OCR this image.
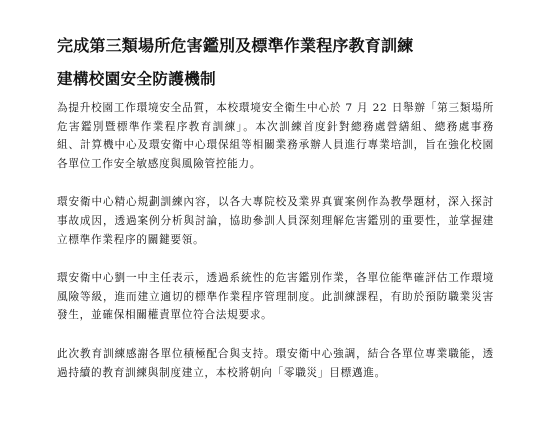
完成第三類場所危害鑑別及標準作業程序教育訓練
建構校園安全防護機制

為提升校園工作環境安全品質，本校環境安全衛生中心於 7 月 22 日舉辦「第三類場所危害鑑別暨標準作業程序教育訓練」。本次訓練首度針對總務處營繕組、總務處事務組、計算機中心及環安衛中心環保組等相關業務承辦人員進行專業培訓，旨在強化校園各單位工作安全敏感度與風險管控能力。

環安衛中心精心規劃訓練內容，以各大專院校及業界真實案例作為教學題材，深入探討事故成因，透過案例分析與討論，協助參訓人員深刻理解危害鑑別的重要性，並掌握建立標準作業程序的關鍵要領。

環安衛中心劉一中主任表示，透過系統性的危害鑑別作業，各單位能準確評估工作環境風險等級，進而建立適切的標準作業程序管理制度。此訓練課程，有助於預防職業災害發生，並確保相關權責單位符合法規要求。

此次教育訓練感謝各單位積極配合與支持。環安衛中心強調，結合各單位專業職能，透過持續的教育訓練與制度建立，本校將朝向「零職災」目標邁進。
